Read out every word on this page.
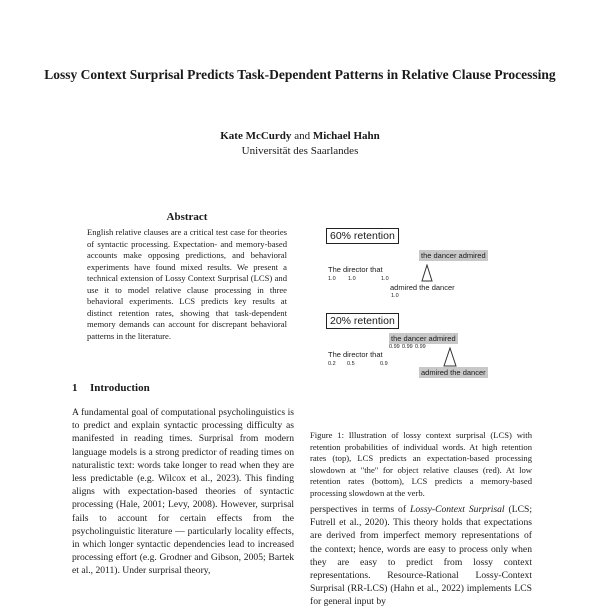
Lossy Context Surprisal Predicts Task-Dependent Patterns in Relative Clause Processing
Kate McCurdy and Michael Hahn
Universität des Saarlandes
Abstract
English relative clauses are a critical test case for theories of syntactic processing. Expectation- and memory-based accounts make opposing predictions, and behavioral experiments have found mixed results. We present a technical extension of Lossy Context Surprisal (LCS) and use it to model relative clause processing in three behavioral experiments. LCS predicts key results at distinct retention rates, showing that task-dependent memory demands can account for discrepant behavioral patterns in the literature.
1 Introduction
A fundamental goal of computational psycholinguistics is to predict and explain syntactic processing difficulty as manifested in reading times. Surprisal from modern language models is a strong predictor of reading times on naturalistic text: words take longer to read when they are less predictable (e.g. Wilcox et al., 2023). This finding aligns with expectation-based theories of syntactic processing (Hale, 2001; Levy, 2008). However, surprisal fails to account for certain effects from the psycholinguistic literature — particularly locality effects, in which longer syntactic dependencies lead to increased processing effort (e.g. Grodner and Gibson, 2005; Bartek et al., 2011). Under surprisal theory,
60% retention
the dancer admired
The director that
1.0 1.0	1.0
admired the dancer
1.0
20% retention
the dancer admired
0.99 0.99 0.99
The director that
0.2 0.5	0.9
admired the dancer
Figure 1: Illustration of lossy context surprisal (LCS) with retention probabilities of individual words. At high retention rates (top), LCS predicts an expectation-based processing slowdown at "the" for object relative clauses (red). At low retention rates (bottom), LCS predicts a memory-based processing slowdown at the verb.
perspectives in terms of Lossy-Context Surprisal (LCS; Futrell et al., 2020). This theory holds that expectations are derived from imperfect memory representations of the context; hence, words are easy to process only when they are easy to predict from lossy context representations. Resource-Rational Lossy-Context Surprisal (RR-LCS) (Hahn et al., 2022) implements LCS for general input by
